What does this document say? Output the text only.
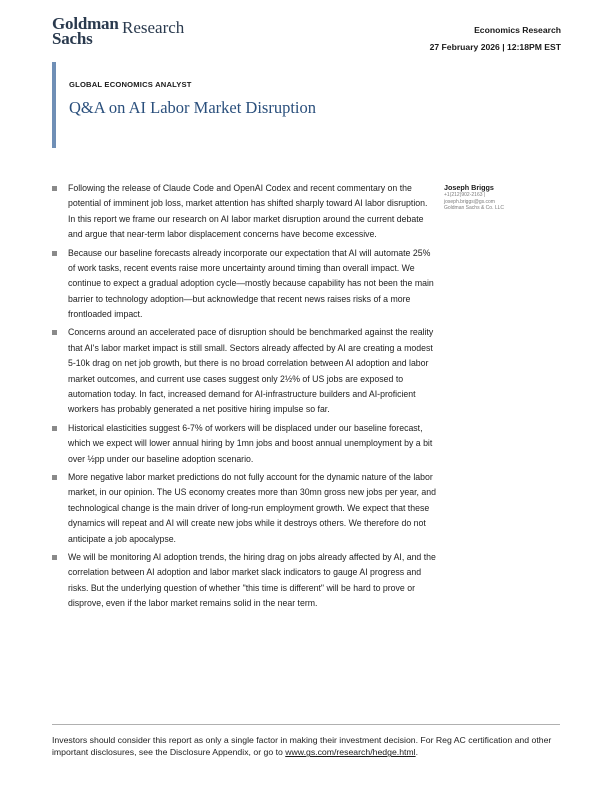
Goldman
Sachs
Research	Economics Research
27 February 2026 | 12:18PM EST
GLOBAL ECONOMICS ANALYST
Q&A on AI Labor Market Disruption
Joseph Briggs
+1(212)902-2163 |
joseph.briggs@gs.com
Goldman Sachs & Co. LLC
Following the release of Claude Code and OpenAI Codex and recent commentary on the potential of imminent job loss, market attention has shifted sharply toward AI labor disruption. In this report we frame our research on AI labor market disruption around the current debate and argue that near-term labor displacement concerns have become excessive.
Because our baseline forecasts already incorporate our expectation that AI will automate 25% of work tasks, recent events raise more uncertainty around timing than overall impact. We continue to expect a gradual adoption cycle—mostly because capability has not been the main barrier to technology adoption—but acknowledge that recent news raises risks of a more frontloaded impact.
Concerns around an accelerated pace of disruption should be benchmarked against the reality that AI's labor market impact is still small. Sectors already affected by AI are creating a modest 5-10k drag on net job growth, but there is no broad correlation between AI adoption and labor market outcomes, and current use cases suggest only 2½% of US jobs are exposed to automation today. In fact, increased demand for AI-infrastructure builders and AI-proficient workers has probably generated a net positive hiring impulse so far.
Historical elasticities suggest 6-7% of workers will be displaced under our baseline forecast, which we expect will lower annual hiring by 1mn jobs and boost annual unemployment by a bit over ½pp under our baseline adoption scenario.
More negative labor market predictions do not fully account for the dynamic nature of the labor market, in our opinion. The US economy creates more than 30mn gross new jobs per year, and technological change is the main driver of long-run employment growth. We expect that these dynamics will repeat and AI will create new jobs while it destroys others. We therefore do not anticipate a job apocalypse.
We will be monitoring AI adoption trends, the hiring drag on jobs already affected by AI, and the correlation between AI adoption and labor market slack indicators to gauge AI progress and risks. But the underlying question of whether "this time is different" will be hard to prove or disprove, even if the labor market remains solid in the near term.
Investors should consider this report as only a single factor in making their investment decision. For Reg AC certification and other important disclosures, see the Disclosure Appendix, or go to www.gs.com/research/hedge.html.
